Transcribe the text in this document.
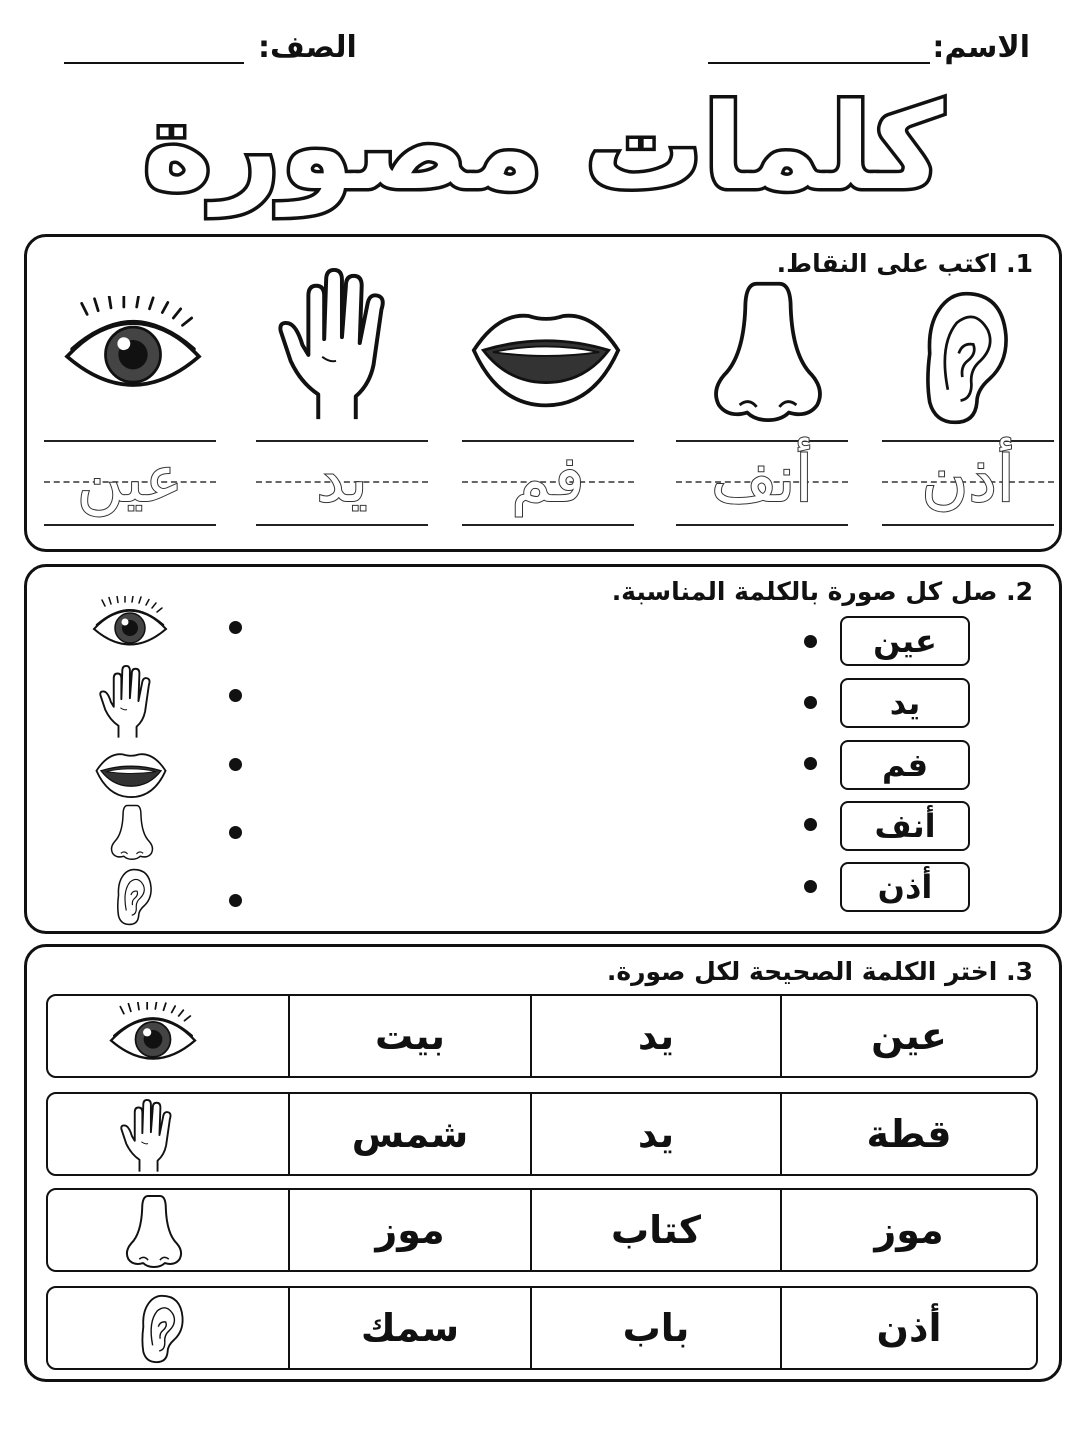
الاسم:
الصف:
كلمات مصورة
1. اكتب على النقاط.
أذن
أنف
فم
يد
عين
2. صل كل صورة بالكلمة المناسبة.
عين
يد
فم
أنف
أذن
3. اختر الكلمة الصحيحة لكل صورة.
عين
يد
بيت
قطة
يد
شمس
موز
كتاب
موز
أذن
باب
سمك
